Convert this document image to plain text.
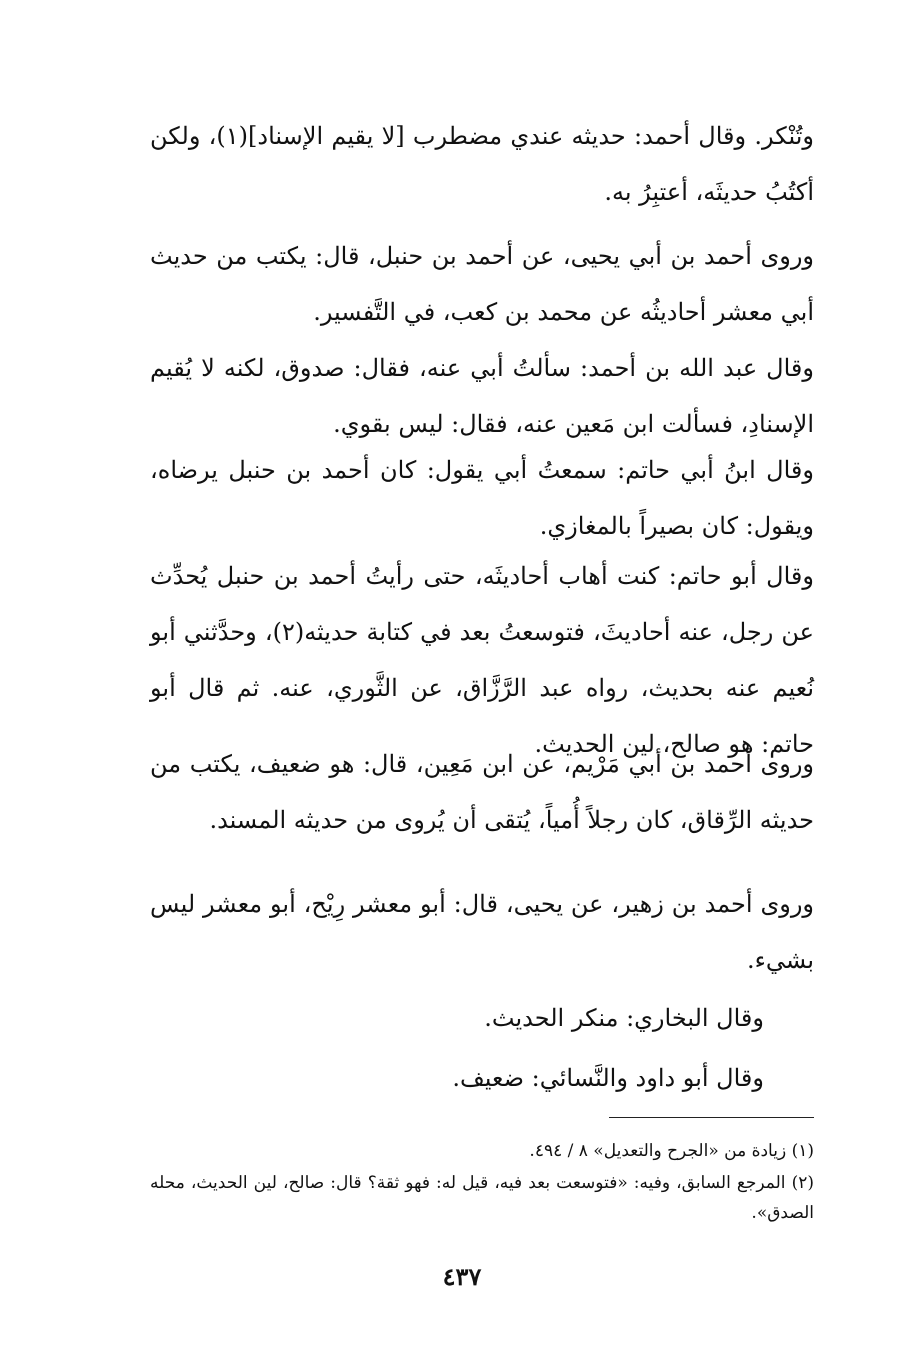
وتُنْكر. وقال أحمد: حديثه عندي مضطرب [لا يقيم الإسناد](١)، ولكن أكتُبُ حديثَه، أعتبِرُ به.

وروى أحمد بن أبي يحيى، عن أحمد بن حنبل، قال: يكتب من حديث أبي معشر أحاديثُه عن محمد بن كعب، في التَّفسير.

وقال عبد الله بن أحمد: سألتُ أبي عنه، فقال: صدوق، لكنه لا يُقيم الإسنادِ، فسألت ابن مَعين عنه، فقال: ليس بقوي.

وقال ابنُ أبي حاتم: سمعتُ أبي يقول: كان أحمد بن حنبل يرضاه، ويقول: كان بصيراً بالمغازي.

وقال أبو حاتم: كنت أهاب أحاديثَه، حتى رأيتُ أحمد بن حنبل يُحدِّث عن رجل، عنه أحاديثَ، فتوسعتُ بعد في كتابة حديثه(٢)، وحدَّثني أبو نُعيم عنه بحديث، رواه عبد الرَّزَّاق، عن الثَّوري، عنه. ثم قال أبو حاتم: هو صالح، لين الحديث.

وروى أحمد بن أبي مَرْيم، عن ابن مَعِين، قال: هو ضعيف، يكتب من حديثه الرِّقاق، كان رجلاً أُمياً، يُتقى أن يُروى من حديثه المسند.

وروى أحمد بن زهير، عن يحيى، قال: أبو معشر رِيْح، أبو معشر ليس بشيء.

وقال البخاري: منكر الحديث.

وقال أبو داود والنَّسائي: ضعيف.

(١) زيادة من «الجرح والتعديل» ٨ / ٤٩٤.

(٢) المرجع السابق، وفيه: «فتوسعت بعد فيه، قيل له: فهو ثقة؟ قال: صالح، لين الحديث، محله الصدق».

٤٣٧
